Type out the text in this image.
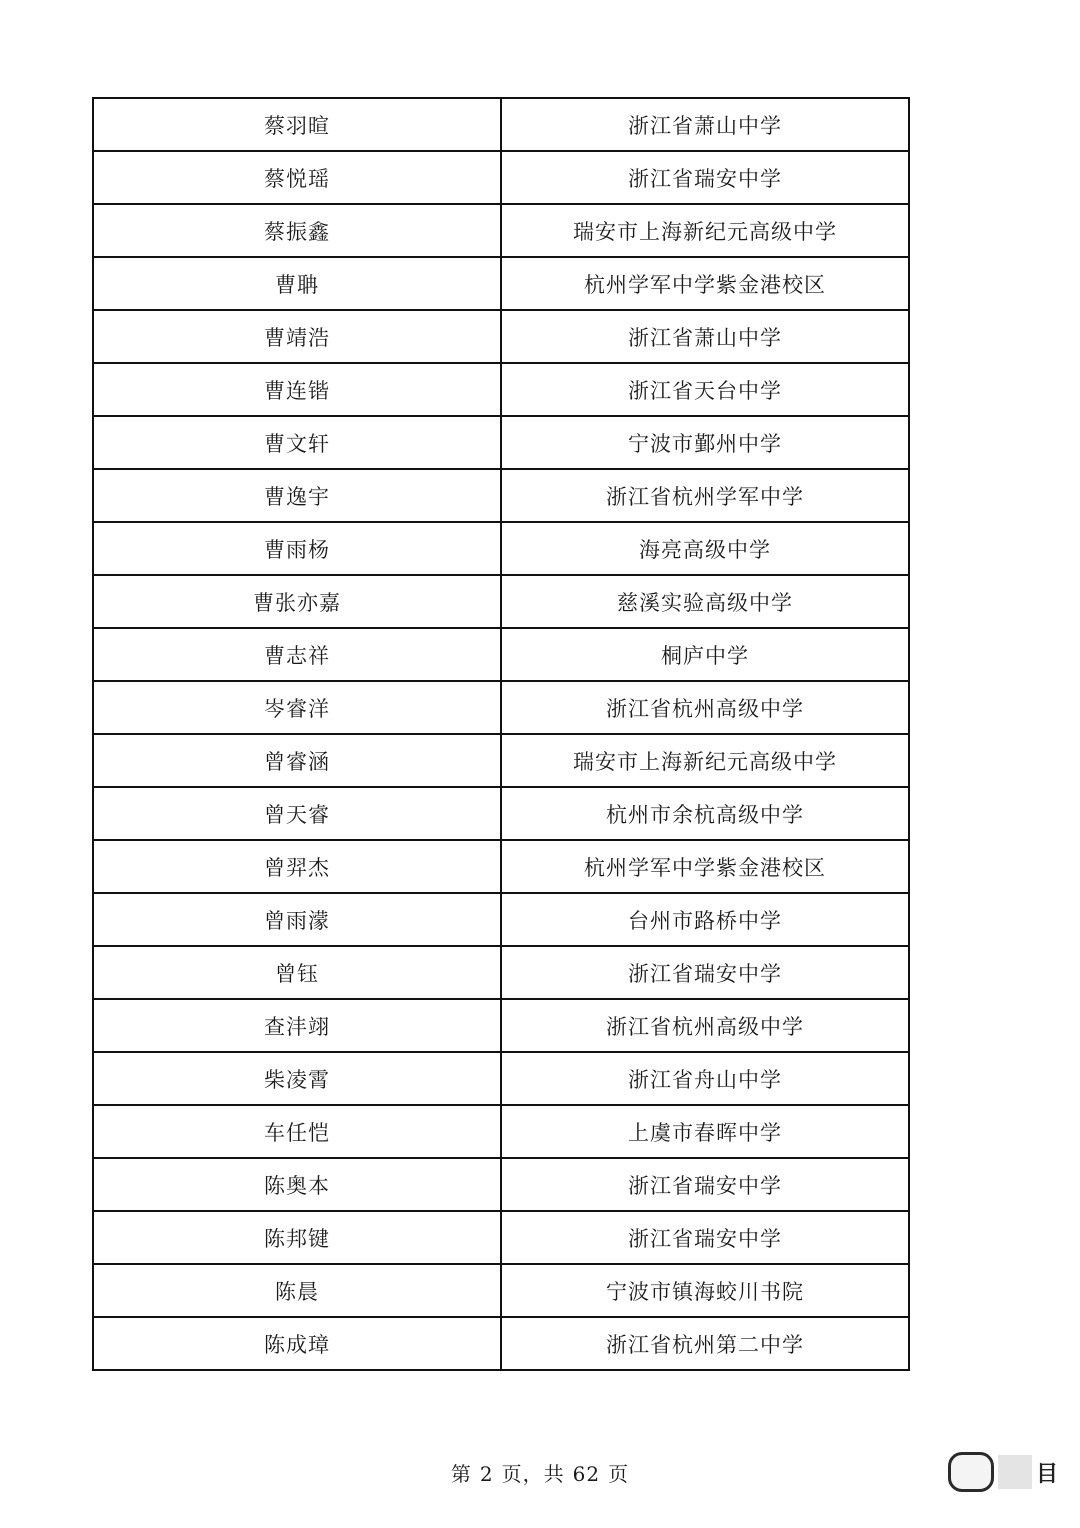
蔡羽暄	浙江省萧山中学
蔡悦瑶	浙江省瑞安中学
蔡振鑫	瑞安市上海新纪元高级中学
曹聃	杭州学军中学紫金港校区
曹靖浩	浙江省萧山中学
曹连锴	浙江省天台中学
曹文轩	宁波市鄞州中学
曹逸宇	浙江省杭州学军中学
曹雨杨	海亮高级中学
曹张亦嘉	慈溪实验高级中学
曹志祥	桐庐中学
岑睿洋	浙江省杭州高级中学
曾睿涵	瑞安市上海新纪元高级中学
曾天睿	杭州市余杭高级中学
曾羿杰	杭州学军中学紫金港校区
曾雨濛	台州市路桥中学
曾钰	浙江省瑞安中学
查沣翊	浙江省杭州高级中学
柴凌霄	浙江省舟山中学
车任恺	上虞市春晖中学
陈奥本	浙江省瑞安中学
陈邦键	浙江省瑞安中学
陈晨	宁波市镇海蛟川书院
陈成璋	浙江省杭州第二中学
第 2 页，共 62 页	目
